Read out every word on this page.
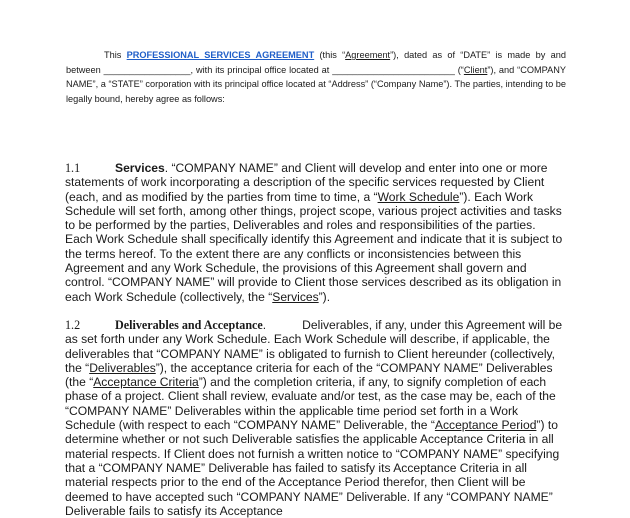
This PROFESSIONAL SERVICES AGREEMENT (this “Agreement”), dated as of “DATE” is made by and between _________________, with its principal office located at ________________________ (“Client”), and “COMPANY NAME”, a “STATE” corporation with its principal office located at “Address” (“Company Name”). The parties, intending to be legally bound, hereby agree as follows:
1.1	Services. “COMPANY NAME” and Client will develop and enter into one or more statements of work incorporating a description of the specific services requested by Client (each, and as modified by the parties from time to time, a “Work Schedule”). Each Work Schedule will set forth, among other things, project scope, various project activities and tasks to be performed by the parties, Deliverables and roles and responsibilities of the parties. Each Work Schedule shall specifically identify this Agreement and indicate that it is subject to the terms hereof. To the extent there are any conflicts or inconsistencies between this Agreement and any Work Schedule, the provisions of this Agreement shall govern and control. “COMPANY NAME” will provide to Client those services described as its obligation in each Work Schedule (collectively, the “Services”).
1.2	Deliverables and Acceptance.	Deliverables, if any, under this Agreement will be as set forth under any Work Schedule. Each Work Schedule will describe, if applicable, the deliverables that “COMPANY NAME” is obligated to furnish to Client hereunder (collectively, the “Deliverables”), the acceptance criteria for each of the “COMPANY NAME” Deliverables (the “Acceptance Criteria”) and the completion criteria, if any, to signify completion of each phase of a project. Client shall review, evaluate and/or test, as the case may be, each of the “COMPANY NAME” Deliverables within the applicable time period set forth in a Work Schedule (with respect to each “COMPANY NAME” Deliverable, the “Acceptance Period”) to determine whether or not such Deliverable satisfies the applicable Acceptance Criteria in all material respects. If Client does not furnish a written notice to “COMPANY NAME” specifying that a “COMPANY NAME” Deliverable has failed to satisfy its Acceptance Criteria in all material respects prior to the end of the Acceptance Period therefor, then Client will be deemed to have accepted such “COMPANY NAME” Deliverable. If any “COMPANY NAME” Deliverable fails to satisfy its Acceptance
